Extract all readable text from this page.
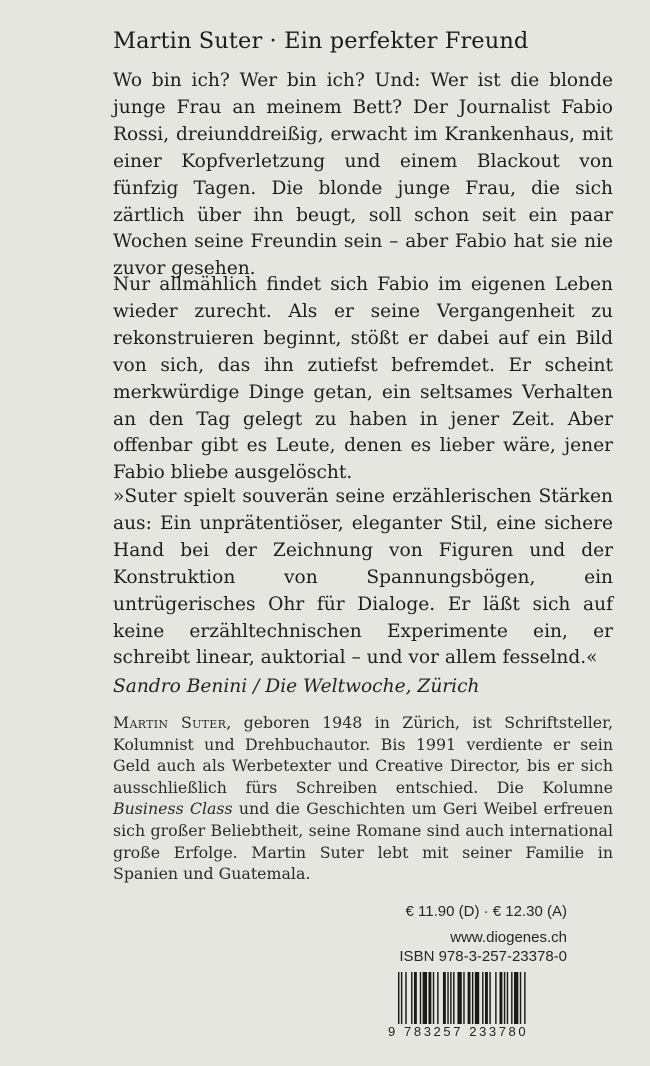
Martin Suter · Ein perfekter Freund

Wo bin ich? Wer bin ich? Und: Wer ist die blonde junge Frau an meinem Bett? Der Journalist Fabio Rossi, dreiunddreißig, erwacht im Krankenhaus, mit einer Kopfverletzung und einem Blackout von fünfzig Tagen. Die blonde junge Frau, die sich zärtlich über ihn beugt, soll schon seit ein paar Wochen seine Freundin sein – aber Fabio hat sie nie zuvor gesehen.

Nur allmählich findet sich Fabio im eigenen Leben wieder zurecht. Als er seine Vergangenheit zu rekonstruieren beginnt, stößt er dabei auf ein Bild von sich, das ihn zutiefst befremdet. Er scheint merkwürdige Dinge getan, ein seltsames Verhalten an den Tag gelegt zu haben in jener Zeit. Aber offenbar gibt es Leute, denen es lieber wäre, jener Fabio bliebe ausgelöscht.

»Suter spielt souverän seine erzählerischen Stärken aus: Ein unprätentiöser, eleganter Stil, eine sichere Hand bei der Zeichnung von Figuren und der Konstruktion von Spannungsbögen, ein untrügerisches Ohr für Dialoge. Er läßt sich auf keine erzähltechnischen Experimente ein, er schreibt linear, auktorial – und vor allem fesselnd.«

Sandro Benini / Die Weltwoche, Zürich
Martin Suter, geboren 1948 in Zürich, ist Schriftsteller, Kolumnist und Drehbuchautor. Bis 1991 verdiente er sein Geld auch als Werbetexter und Creative Director, bis er sich ausschließlich fürs Schreiben entschied. Die Kolumne Business Class und die Geschichten um Geri Weibel erfreuen sich großer Beliebtheit, seine Romane sind auch international große Erfolge. Martin Suter lebt mit seiner Familie in Spanien und Guatemala.
€ 11.90 (D) · € 12.30 (A)
www.diogenes.ch
ISBN 978-3-257-23378-0
9 783257 233780
